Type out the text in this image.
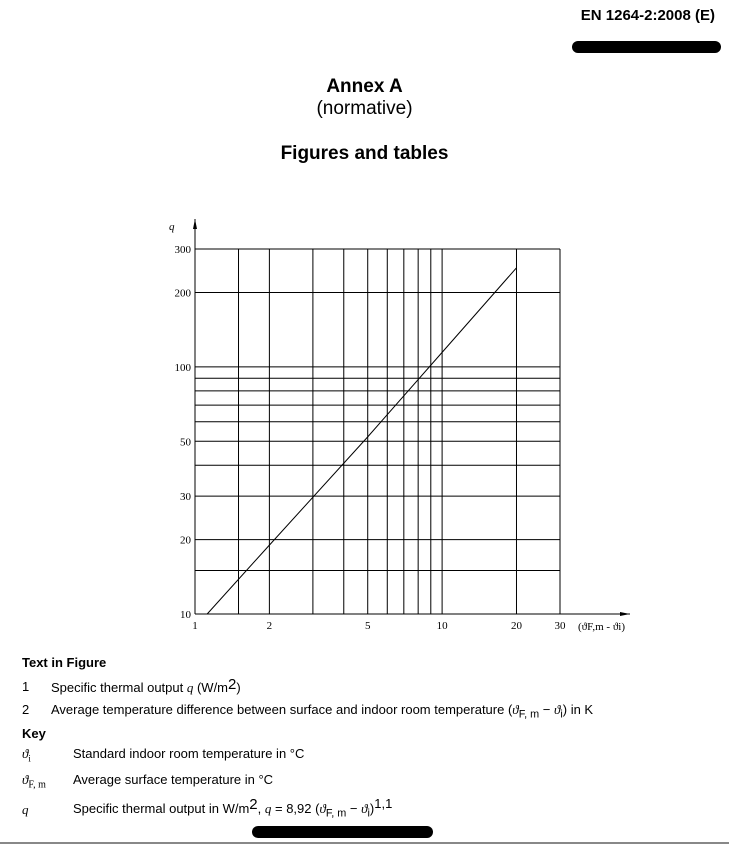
EN 1264-2:2008 (E)
Annex A
(normative)
Figures and tables
10
20
30
50
100
200
300
1	2	5	10	20	30
q
(ϑF,m - ϑi)
Text in Figure
1 Specific thermal output q (W/m2)
2 Average temperature difference between surface and indoor room temperature $(ϑ_{F, m} - ϑ_i)$ in K
Key
$ϑ_i$	Standard indoor room temperature in °C
$ϑ_{F, m}$ Average surface temperature in °C
q	Specific thermal output in W/m2, q = 8,92 $(ϑ_{F, m} - ϑ_i)1,1$
